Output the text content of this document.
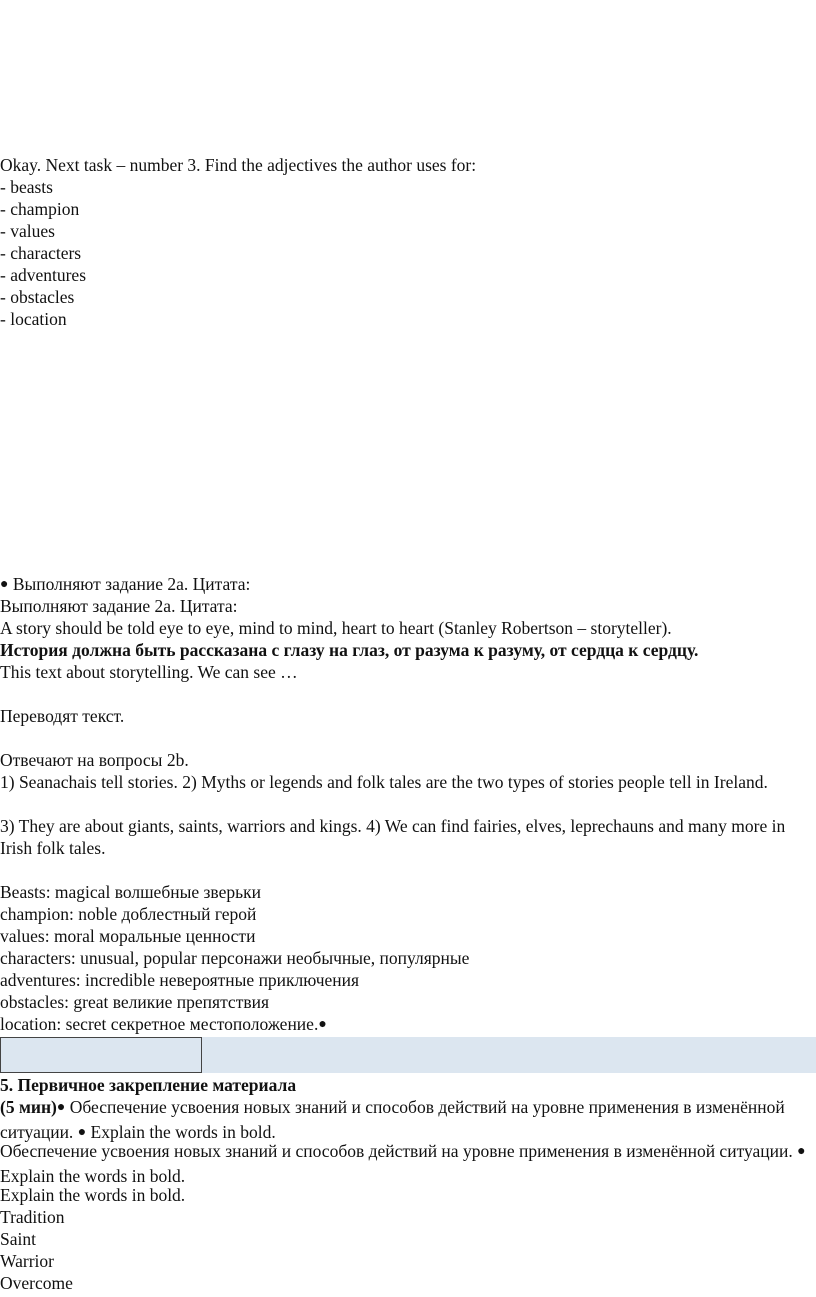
Okay. Next task – number 3. Find the adjectives the author uses for:
- beasts
- champion
- values
- characters
- adventures
- obstacles
- location
● Выполняют задание 2a. Цитата:
Выполняют задание 2a. Цитата:
A story should be told eye to eye, mind to mind, heart to heart (Stanley Robertson – storyteller).
История должна быть рассказана с глазу на глаз, от разума к разуму, от сердца к сердцу.
This text about storytelling. We can see …
Переводят текст.
Отвечают на вопросы 2b.
1) Seanachais tell stories. 2) Myths or legends and folk tales are the two types of stories people tell in Ireland.
3) They are about giants, saints, warriors and kings. 4) We can find fairies, elves, leprechauns and many more in Irish folk tales.
Beasts: magical волшебные зверьки
champion: noble доблестный герой
values: moral моральные ценности
characters: unusual, popular персонажи необычные, популярные
adventures: incredible невероятные приключения
obstacles: great великие препятствия
location: secret секретное местоположение.●
5. Первичное закрепление материала
(5 мин)● Обеспечение усвоения новых знаний и способов действий на уровне применения в изменённой ситуации. ● Explain the words in bold.
Обеспечение усвоения новых знаний и способов действий на уровне применения в изменённой ситуации. ● Explain the words in bold.
Explain the words in bold.
Tradition
Saint
Warrior
Overcome
